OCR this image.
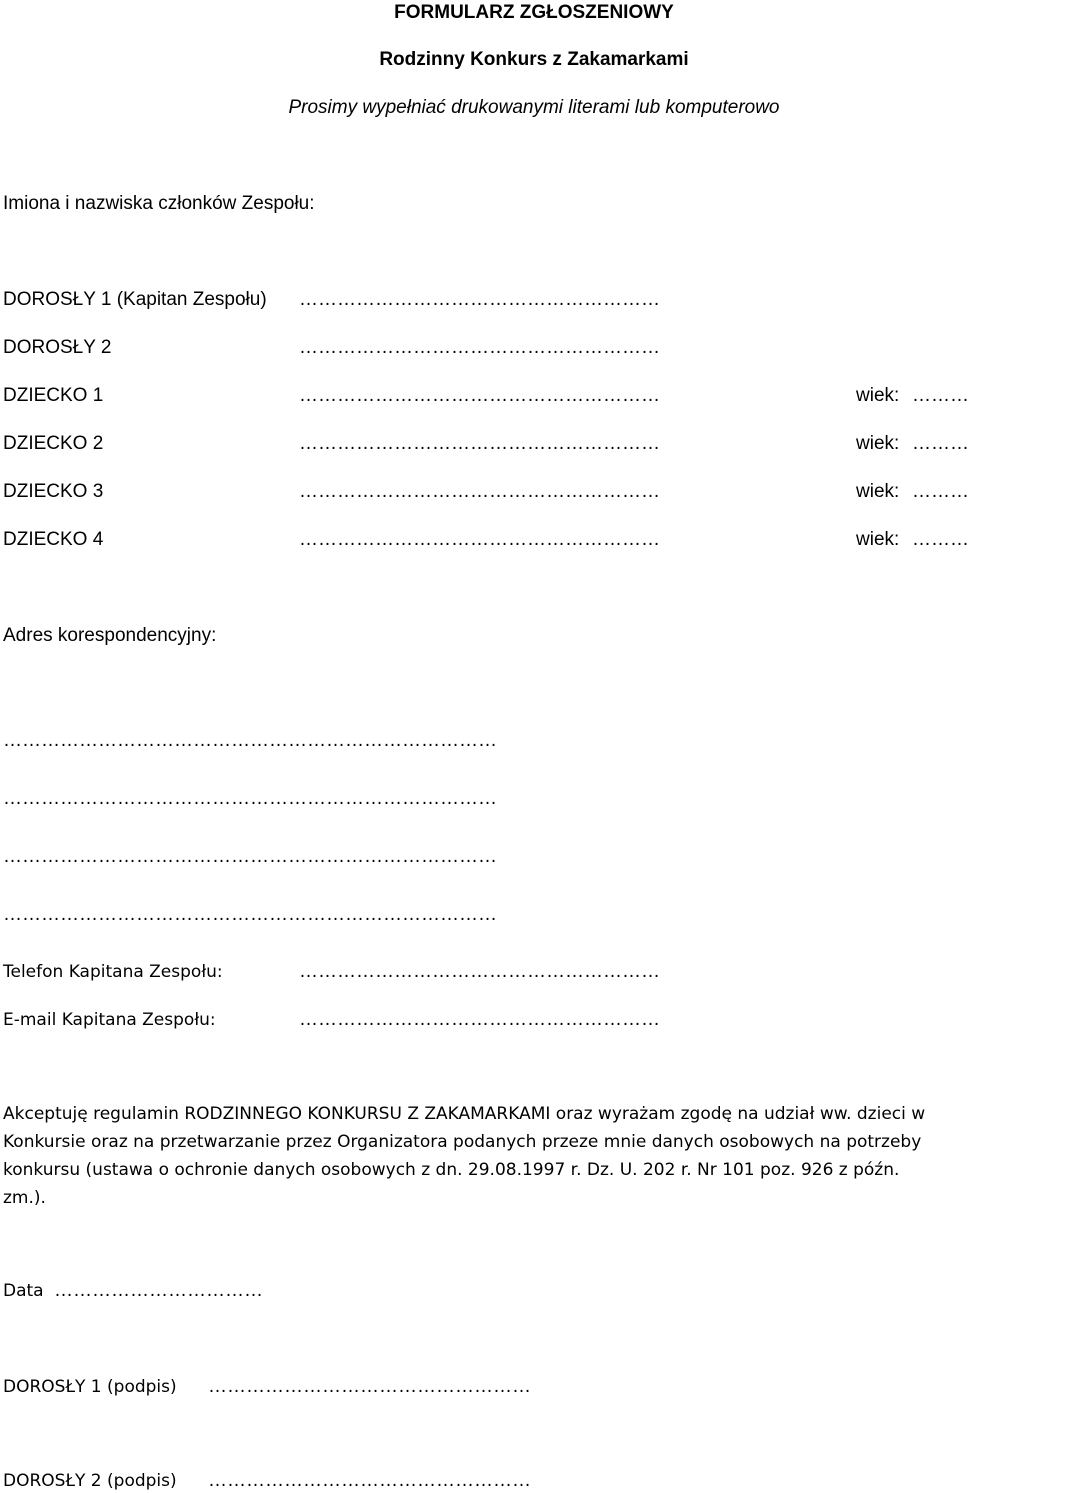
FORMULARZ ZGŁOSZENIOWY
Rodzinny Konkurs z Zakamarkami
Prosimy wypełniać drukowanymi literami lub komputerowo
Imiona i nazwiska członków Zespołu:
DOROSŁY 1 (Kapitan Zespołu) …………………………………………………
DOROSŁY 2	…………………………………………………
DZIECKO 1	…………………………………………………	wiek: ………
DZIECKO 2	…………………………………………………	wiek: ………
DZIECKO 3	…………………………………………………	wiek: ………
DZIECKO 4	…………………………………………………	wiek: ………
Adres korespondencyjny:
……………………………………………………………………
……………………………………………………………………
……………………………………………………………………
……………………………………………………………………
Telefon Kapitana Zespołu:	…………………………………………………
E-mail Kapitana Zespołu:	…………………………………………………
Akceptuję regulamin RODZINNEGO KONKURSU Z ZAKAMARKAMI oraz wyrażam zgodę na udział ww. dzieci w Konkursie oraz na przetwarzanie przez Organizatora podanych przeze mnie danych osobowych na potrzeby konkursu (ustawa o ochronie danych osobowych z dn. 29.08.1997 r. Dz. U. 202 r. Nr 101 poz. 926 z późn. zm.).
Data ……………………………
DOROSŁY 1 (podpis) ……………………………………………
DOROSŁY 2 (podpis) ……………………………………………
